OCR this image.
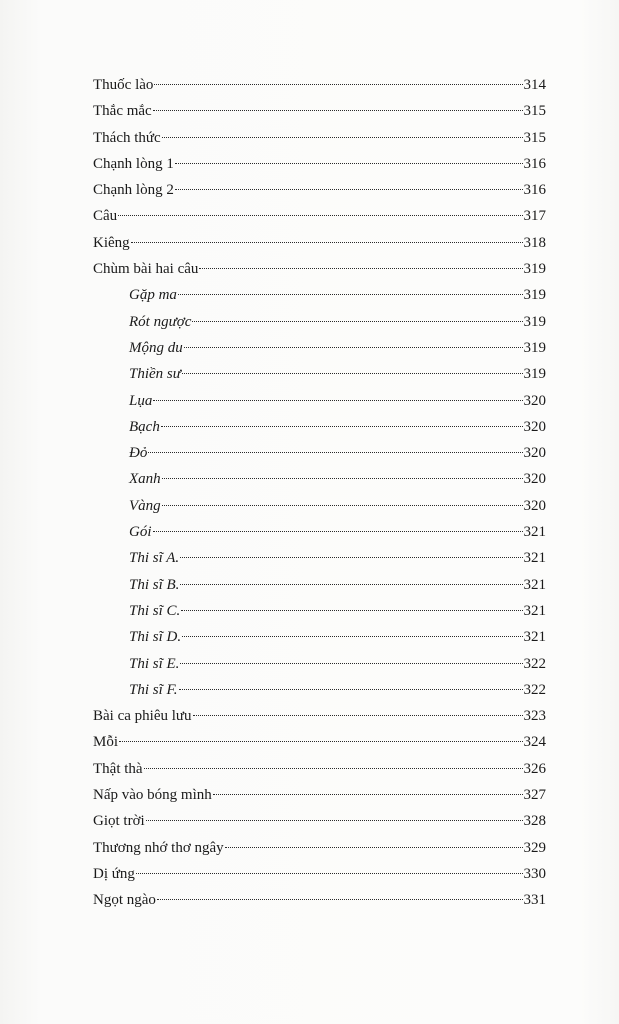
Thuốc lào	314
Thắc mắc	315
Thách thức	315
Chạnh lòng 1	316
Chạnh lòng 2	316
Câu	317
Kiêng	318
Chùm bài hai câu	319
Gặp ma	319
Rót ngược	319
Mộng du	319
Thiền sư	319
Lụa	320
Bạch	320
Đỏ	320
Xanh	320
Vàng	320
Gói	321
Thi sĩ A.	321
Thi sĩ B.	321
Thi sĩ C.	321
Thi sĩ D.	321
Thi sĩ E.	322
Thi sĩ F.	322
Bài ca phiêu lưu	323
Mỗi	324
Thật thà	326
Nấp vào bóng mình	327
Giọt trời	328
Thương nhớ thơ ngây	329
Dị ứng	330
Ngọt ngào	331
